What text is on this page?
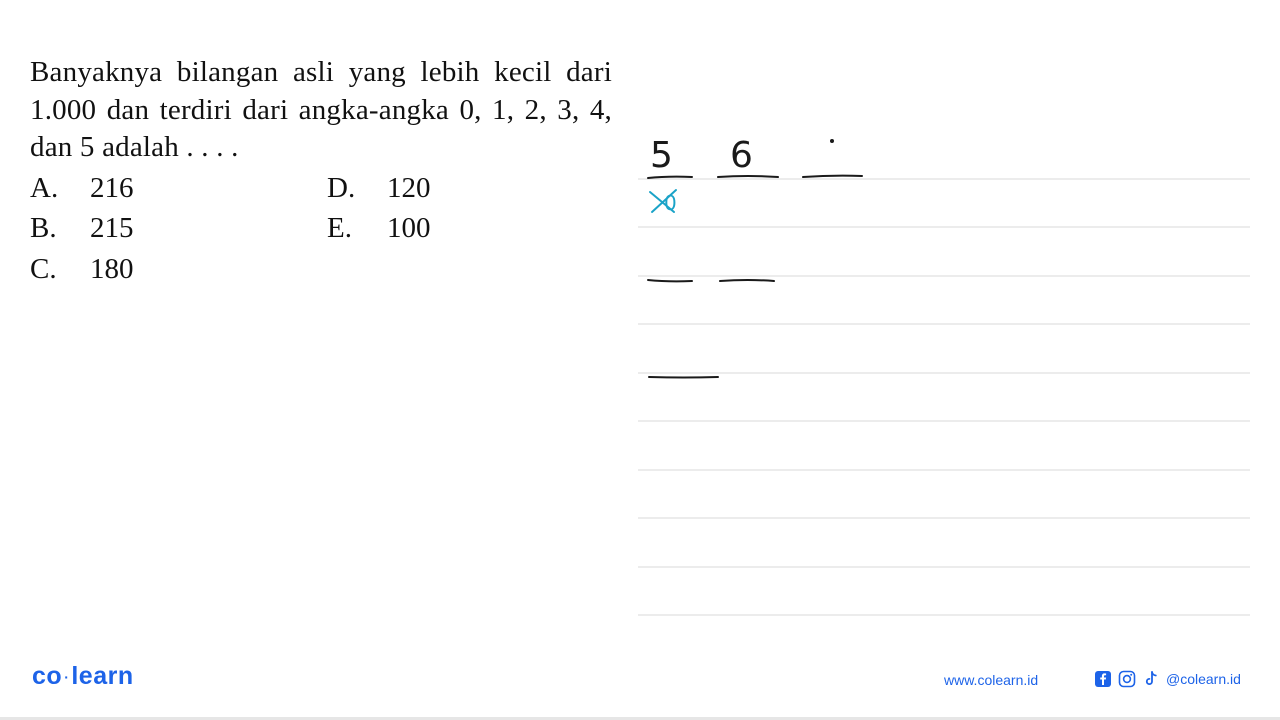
Banyaknya bilangan asli yang lebih kecil dari 1.000 dan terdiri dari angka-angka 0, 1, 2, 3, 4, dan 5 adalah . . . .
A. 216
B. 215
C. 180
D. 120
E. 100
5 6
0
co ·learn	www.colearn.id	@colearn.id
